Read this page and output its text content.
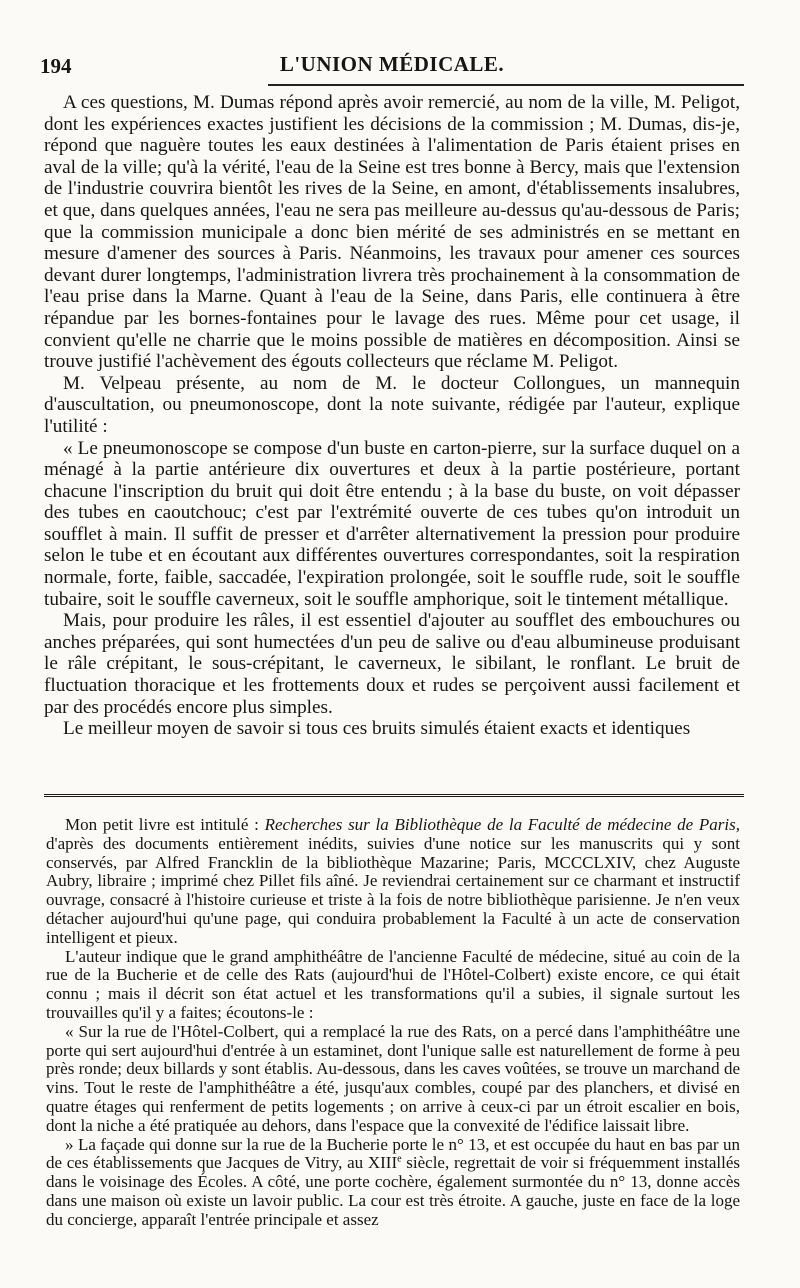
194	L'UNION MÉDICALE.

A ces questions, M. Dumas répond après avoir remercié, au nom de la ville, M. Peligot, dont les expériences exactes justifient les décisions de la commission ; M. Dumas, dis-je, répond que naguère toutes les eaux destinées à l'alimentation de Paris étaient prises en aval de la ville; qu'à la vérité, l'eau de la Seine est tres bonne à Bercy, mais que l'extension de l'industrie couvrira bientôt les rives de la Seine, en amont, d'établissements insalubres, et que, dans quelques années, l'eau ne sera pas meilleure au-dessus qu'au-dessous de Paris; que la commission municipale a donc bien mérité de ses administrés en se mettant en mesure d'amener des sources à Paris. Néanmoins, les travaux pour amener ces sources devant durer longtemps, l'administration livrera très prochainement à la consommation de l'eau prise dans la Marne. Quant à l'eau de la Seine, dans Paris, elle continuera à être répandue par les bornes-fontaines pour le lavage des rues. Même pour cet usage, il convient qu'elle ne charrie que le moins possible de matières en décomposition. Ainsi se trouve justifié l'achèvement des égouts collecteurs que réclame M. Peligot.

M. Velpeau présente, au nom de M. le docteur Collongues, un mannequin d'auscultation, ou pneumonoscope, dont la note suivante, rédigée par l'auteur, explique l'utilité :

« Le pneumonoscope se compose d'un buste en carton-pierre, sur la surface duquel on a ménagé à la partie antérieure dix ouvertures et deux à la partie postérieure, portant chacune l'inscription du bruit qui doit être entendu ; à la base du buste, on voit dépasser des tubes en caoutchouc; c'est par l'extrémité ouverte de ces tubes qu'on introduit un soufflet à main. Il suffit de presser et d'arrêter alternativement la pression pour produire selon le tube et en écoutant aux différentes ouvertures correspondantes, soit la respiration normale, forte, faible, saccadée, l'expiration prolongée, soit le souffle rude, soit le souffle tubaire, soit le souffle caverneux, soit le souffle amphorique, soit le tintement métallique.

Mais, pour produire les râles, il est essentiel d'ajouter au soufflet des embouchures ou anches préparées, qui sont humectées d'un peu de salive ou d'eau albumineuse produisant le râle crépitant, le sous-crépitant, le caverneux, le sibilant, le ronflant. Le bruit de fluctuation thoracique et les frottements doux et rudes se perçoivent aussi facilement et par des procédés encore plus simples.

Le meilleur moyen de savoir si tous ces bruits simulés étaient exacts et identiques

Mon petit livre est intitulé : Recherches sur la Bibliothèque de la Faculté de médecine de Paris, d'après des documents entièrement inédits, suivies d'une notice sur les manuscrits qui y sont conservés, par Alfred Francklin de la bibliothèque Mazarine; Paris, MCCCLXIV, chez Auguste Aubry, libraire ; imprimé chez Pillet fils aîné. Je reviendrai certainement sur ce charmant et instructif ouvrage, consacré à l'histoire curieuse et triste à la fois de notre bibliothèque parisienne. Je n'en veux détacher aujourd'hui qu'une page, qui conduira probablement la Faculté à un acte de conservation intelligent et pieux.

L'auteur indique que le grand amphithéâtre de l'ancienne Faculté de médecine, situé au coin de la rue de la Bucherie et de celle des Rats (aujourd'hui de l'Hôtel-Colbert) existe encore, ce qui était connu ; mais il décrit son état actuel et les transformations qu'il a subies, il signale surtout les trouvailles qu'il y a faites; écoutons-le :

« Sur la rue de l'Hôtel-Colbert, qui a remplacé la rue des Rats, on a percé dans l'amphithéâtre une porte qui sert aujourd'hui d'entrée à un estaminet, dont l'unique salle est naturellement de forme à peu près ronde; deux billards y sont établis. Au-dessous, dans les caves voûtées, se trouve un marchand de vins. Tout le reste de l'amphithéâtre a été, jusqu'aux combles, coupé par des planchers, et divisé en quatre étages qui renferment de petits logements ; on arrive à ceux-ci par un étroit escalier en bois, dont la niche a été pratiquée au dehors, dans l'espace que la convexité de l'édifice laissait libre.

» La façade qui donne sur la rue de la Bucherie porte le n° 13, et est occupée du haut en bas par un de ces établissements que Jacques de Vitry, au XIIIe siècle, regrettait de voir si fréquemment installés dans le voisinage des Écoles. A côté, une porte cochère, également surmontée du n° 13, donne accès dans une maison où existe un lavoir public. La cour est très étroite. A gauche, juste en face de la loge du concierge, apparaît l'entrée principale et assez
